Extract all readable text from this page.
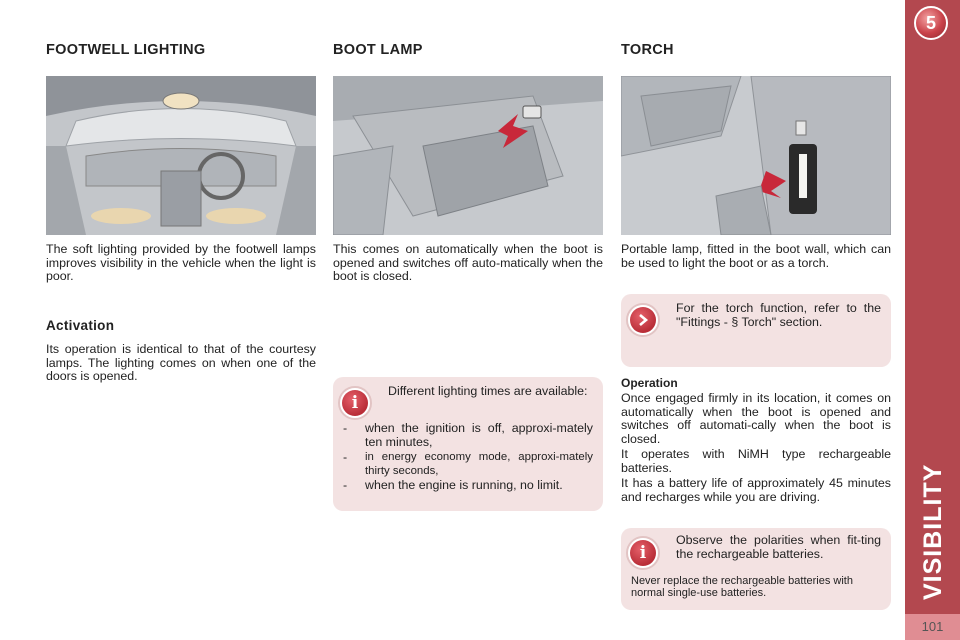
5
101
FOOTWELL LIGHTING
The soft lighting provided by the footwell lamps improves visibility in the vehicle when the light is poor.
Activation
Its operation is identical to that of the courtesy lamps. The lighting comes on when one of the doors is opened.
BOOT LAMP
This comes on automatically when the boot is opened and switches off auto-matically when the boot is closed.
i
Different lighting times are available:
- when the ignition is off, approxi-mately ten minutes,
- in energy economy mode, approxi-mately thirty seconds,
- when the engine is running, no limit.
TORCH
Portable lamp, fitted in the boot wall, which can be used to light the boot or as a torch.
For the torch function, refer to the "Fittings - § Torch" section.
Operation
Once engaged firmly in its location, it comes on automatically when the boot is opened and switches off automati-cally when the boot is closed.
It operates with NiMH type rechargeable batteries.
It has a battery life of approximately 45 minutes and recharges while you are driving.
i
Observe the polarities when fit-ting the rechargeable batteries.
Never replace the rechargeable batteries with normal single-use batteries.
